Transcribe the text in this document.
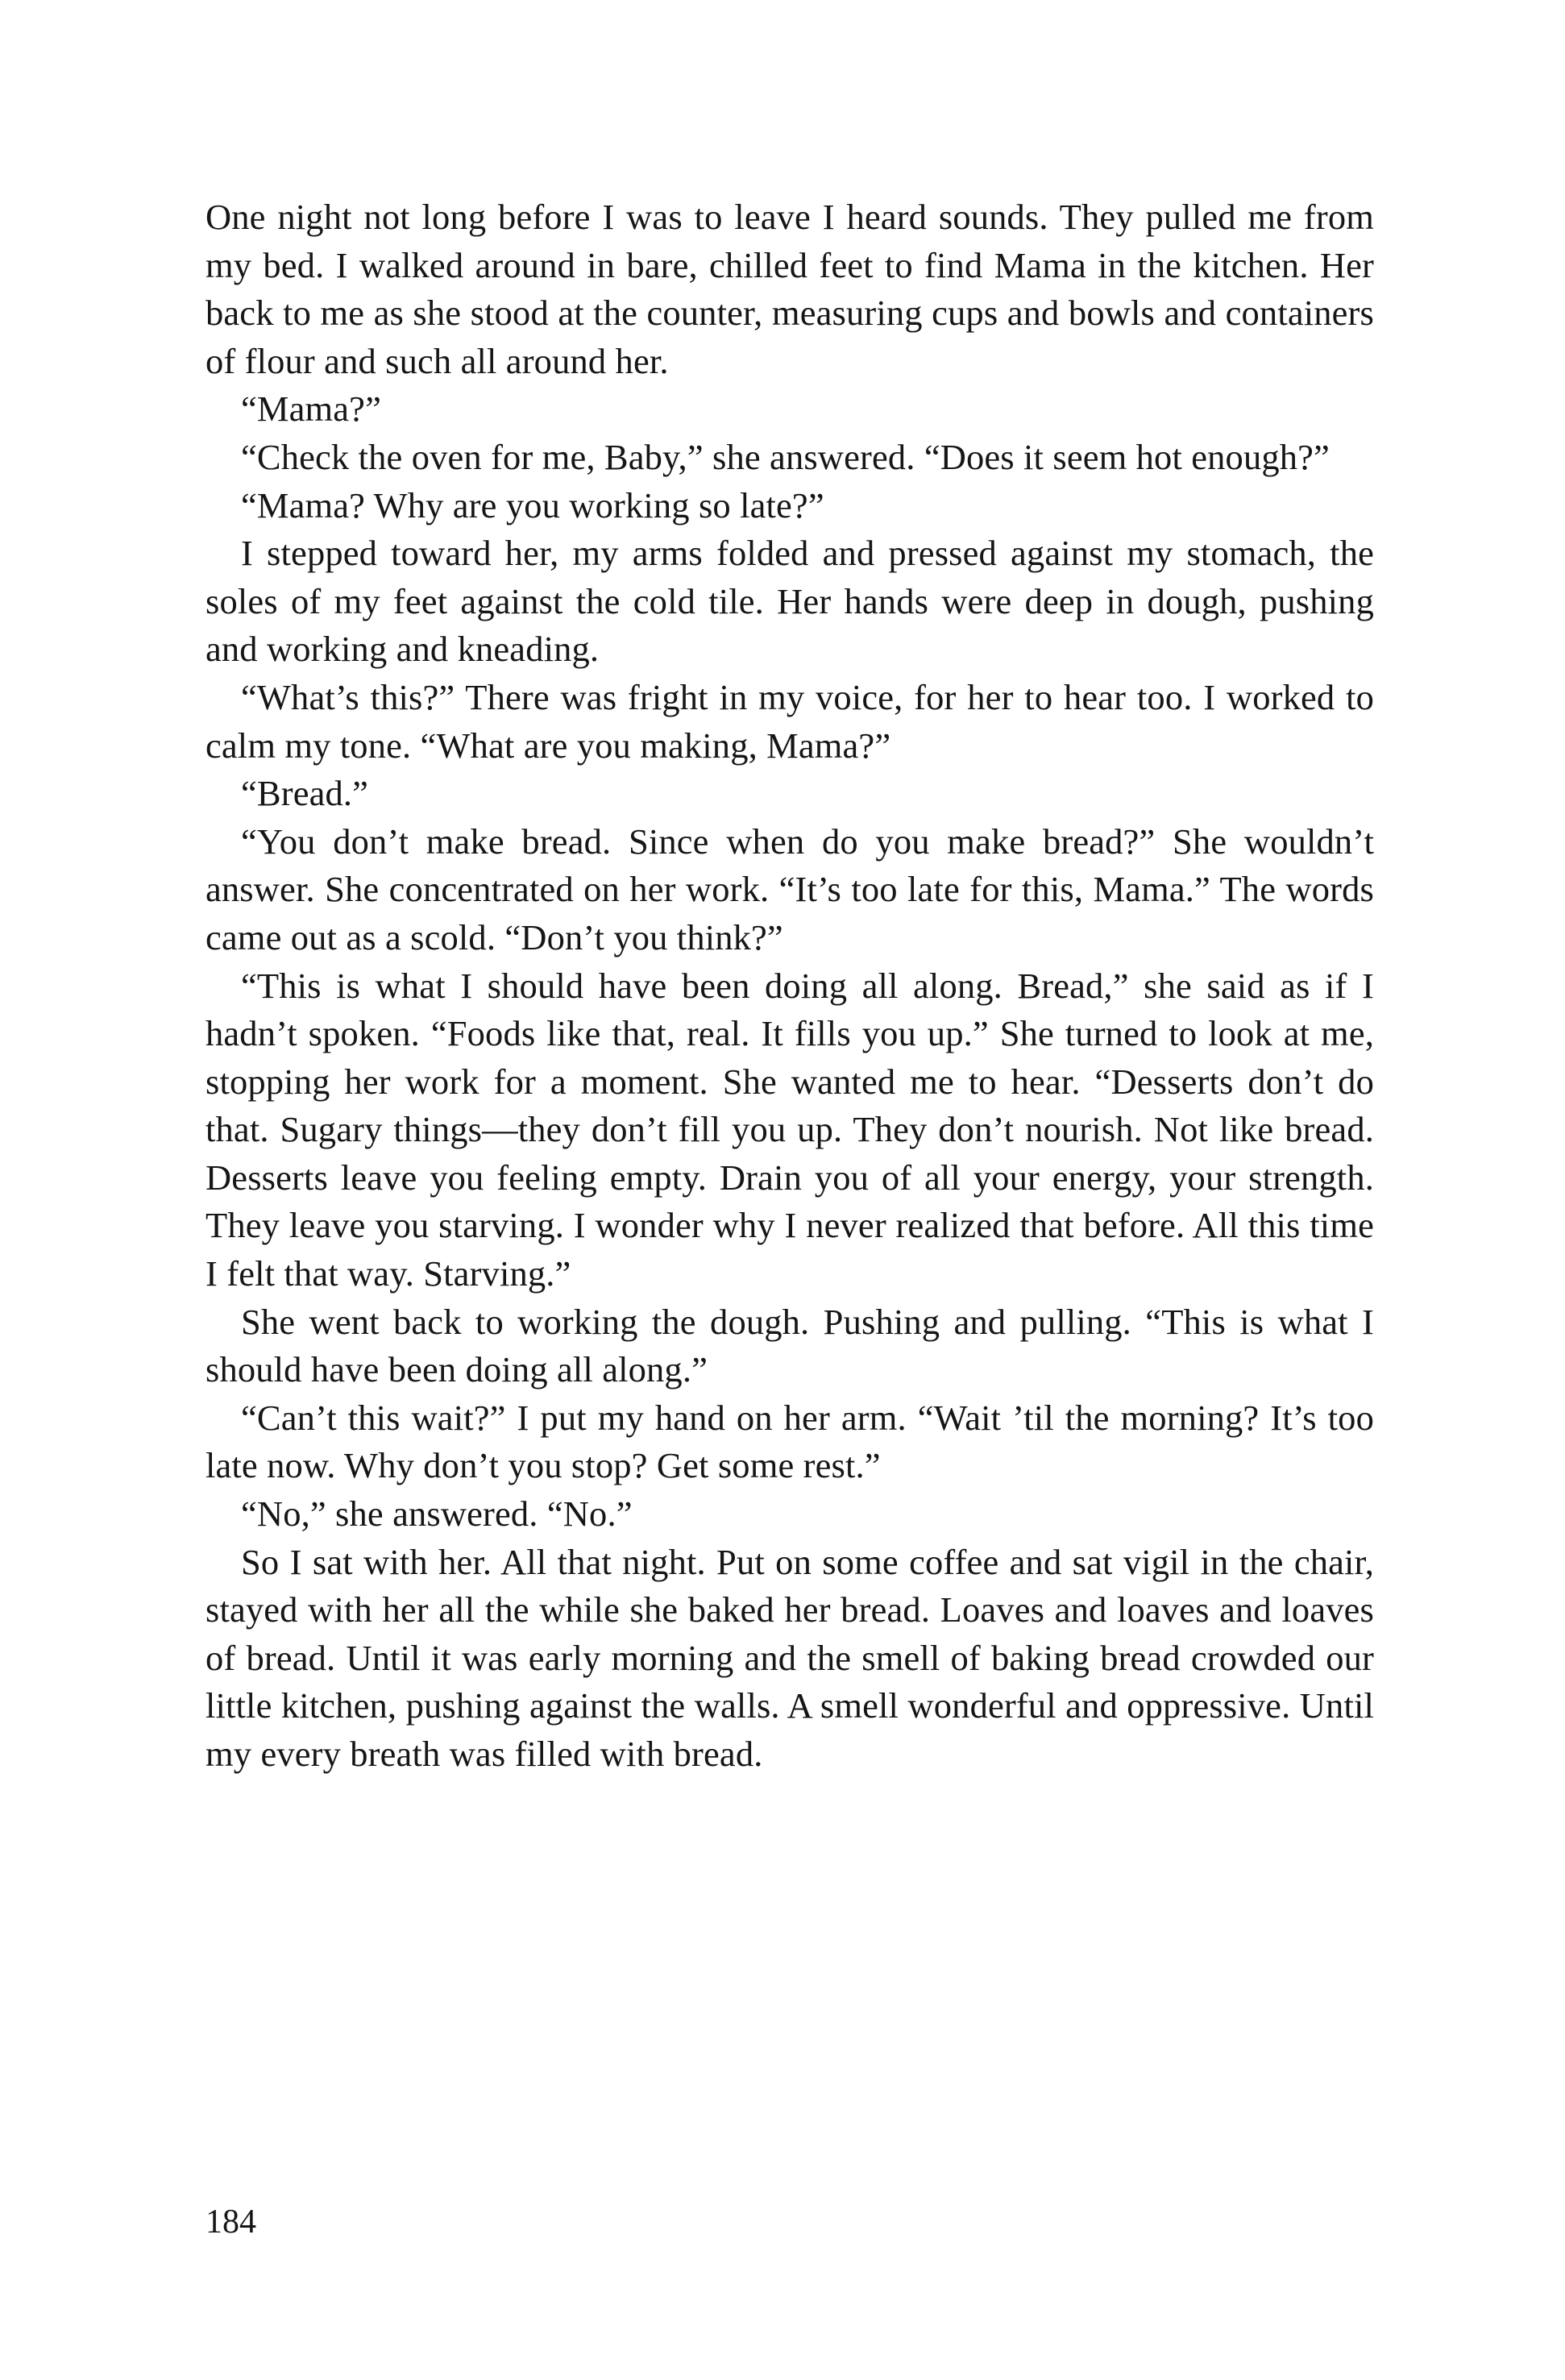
One night not long before I was to leave I heard sounds. They pulled me from my bed. I walked around in bare, chilled feet to find Mama in the kitchen. Her back to me as she stood at the counter, measuring cups and bowls and containers of flour and such all around her.

“Mama?”

“Check the oven for me, Baby,” she answered. “Does it seem hot enough?”

“Mama? Why are you working so late?”

I stepped toward her, my arms folded and pressed against my stomach, the soles of my feet against the cold tile. Her hands were deep in dough, pushing and working and kneading.

“What’s this?” There was fright in my voice, for her to hear too. I worked to calm my tone. “What are you making, Mama?”

“Bread.”

“You don’t make bread. Since when do you make bread?” She wouldn’t answer. She concentrated on her work. “It’s too late for this, Mama.” The words came out as a scold. “Don’t you think?”

“This is what I should have been doing all along. Bread,” she said as if I hadn’t spoken. “Foods like that, real. It fills you up.” She turned to look at me, stopping her work for a moment. She wanted me to hear. “Desserts don’t do that. Sugary things—they don’t fill you up. They don’t nourish. Not like bread. Desserts leave you feeling empty. Drain you of all your energy, your strength. They leave you starving. I wonder why I never realized that before. All this time I felt that way. Starving.”

She went back to working the dough. Pushing and pulling. “This is what I should have been doing all along.”

“Can’t this wait?” I put my hand on her arm. “Wait ’til the morning? It’s too late now. Why don’t you stop? Get some rest.”

“No,” she answered. “No.”

So I sat with her. All that night. Put on some coffee and sat vigil in the chair, stayed with her all the while she baked her bread. Loaves and loaves and loaves of bread. Until it was early morning and the smell of baking bread crowded our little kitchen, pushing against the walls. A smell wonderful and oppressive. Until my every breath was filled with bread.

184
